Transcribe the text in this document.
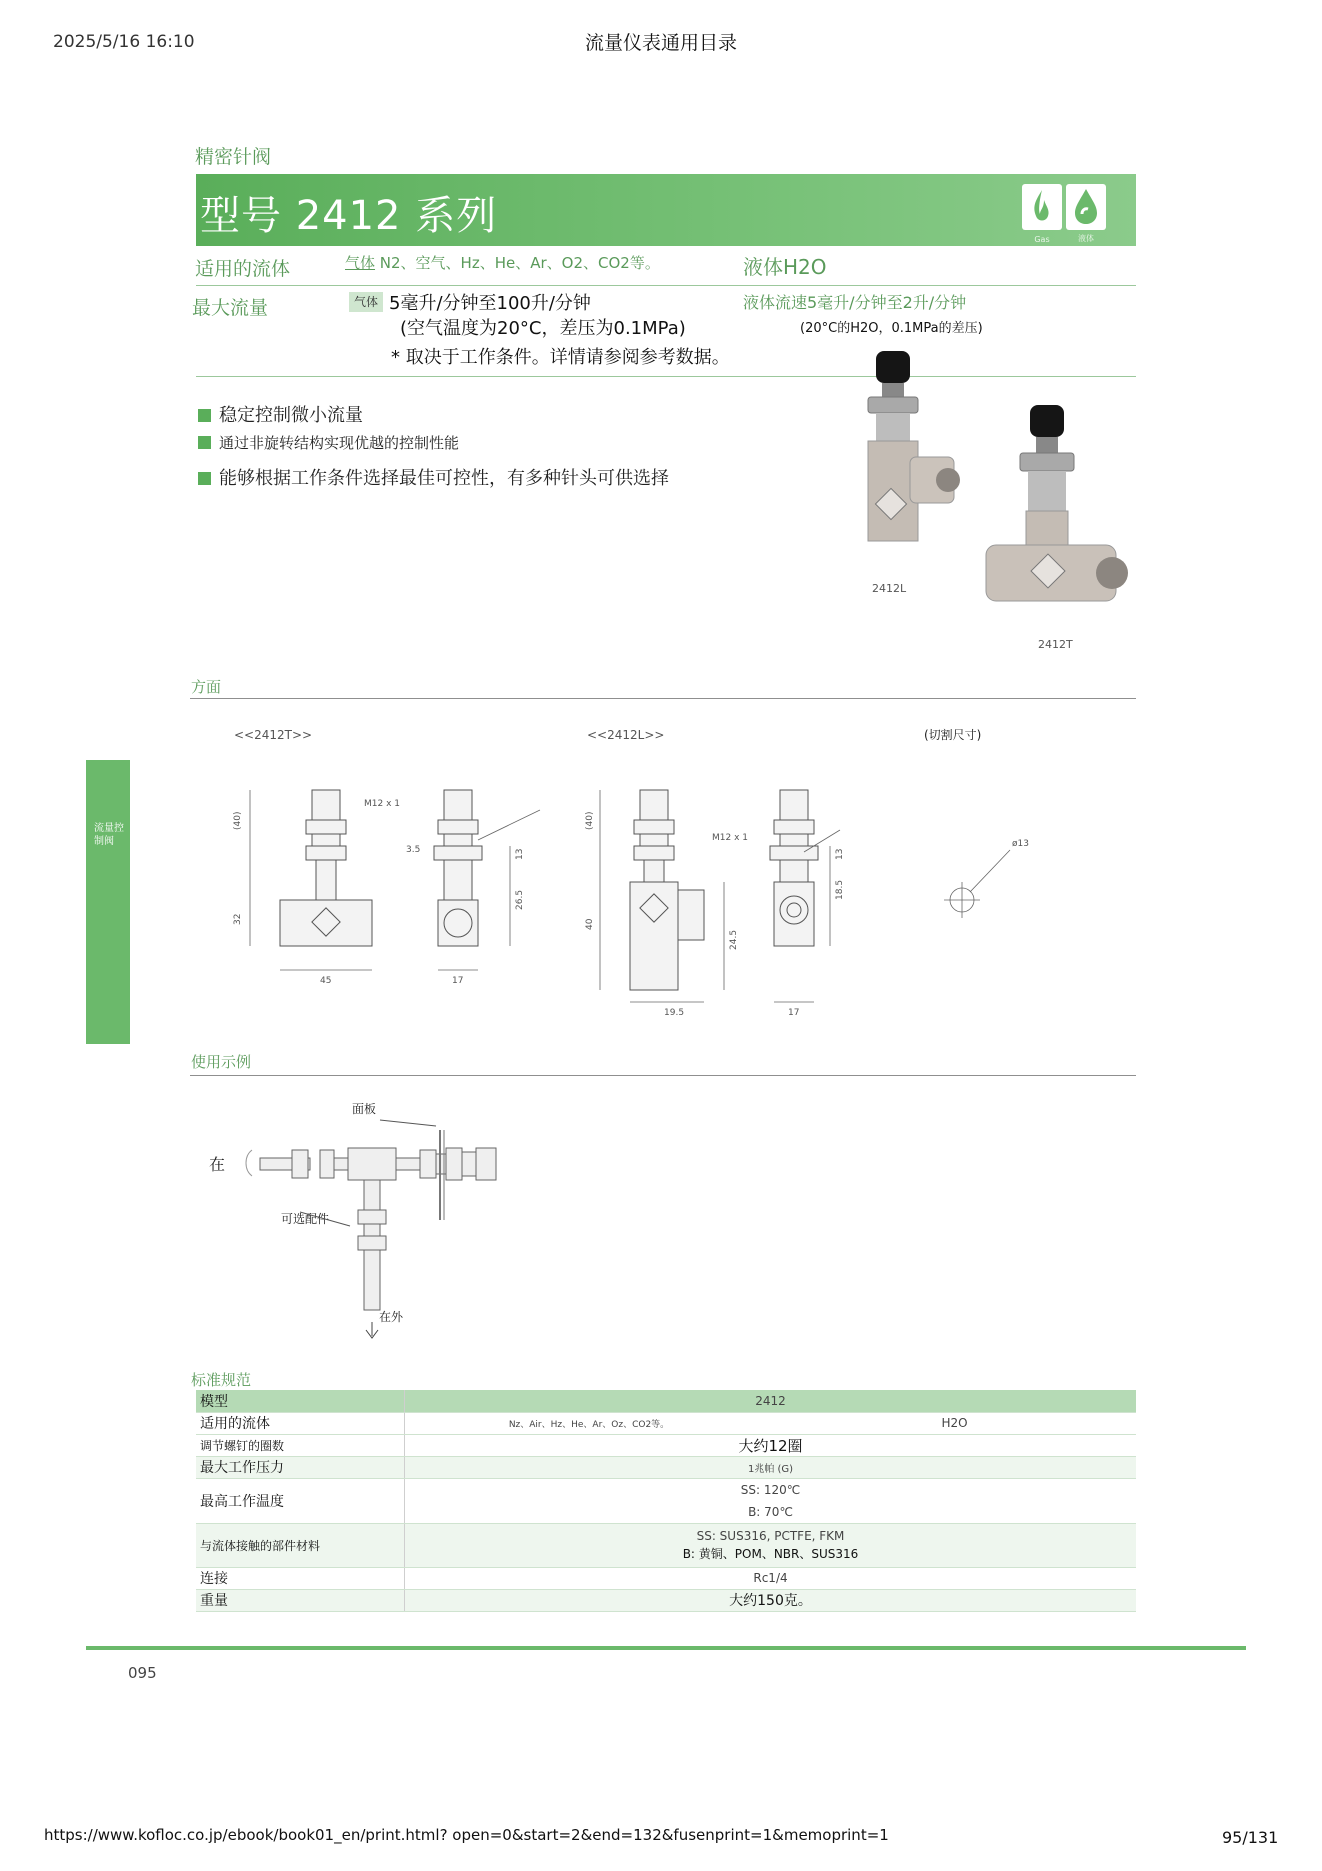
2025/5/16 16:10	流量仪表通用目录
精密针阀
型号 2412 系列
Gas	液体
适用的流体	气体 N2、空气、Hz、He、Ar、O2、CO2等。	液体H2O
最大流量	气体 5毫升/分钟至100升/分钟
(空气温度为20°C，差压为0.1MPa)
* 取决于工作条件。详情请参阅参考数据。
液体流速5毫升/分钟至2升/分钟
(20°C的H2O，0.1MPa的差压)
稳定控制微小流量
通过非旋转结构实现优越的控制性能
能够根据工作条件选择最佳可控性，有多种针头可供选择
2412L
2412T
流量控
制阀
方面
<<2412T>>	<<2412L>>	(切割尺寸)
(40)
32
45	17
3.5	13
26.5
M12 x 1
(40)
40
19.5	17
13
18.5
24.5
M12 x 1
ø13
使用示例
在
面板
可选配件
在外
标准规范
模型	2412	
适用的流体	Nz、Air、Hz、He、Ar、Oz、CO2等。	H2O
调节螺钉的圈数	大约12圈	
最大工作压力	1兆帕 (G)	
最高工作温度	SS: 120℃
B: 70℃	
与流体接触的部件材料	SS: SUS316, PCTFE, FKM
B: 黄铜、POM、NBR、SUS316	
连接	Rc1/4	
重量	大约150克。	
095
https://www.kofloc.co.jp/ebook/book01_en/print.html? open=0&start=2&end=132&fusenprint=1&memoprint=1	95/131
